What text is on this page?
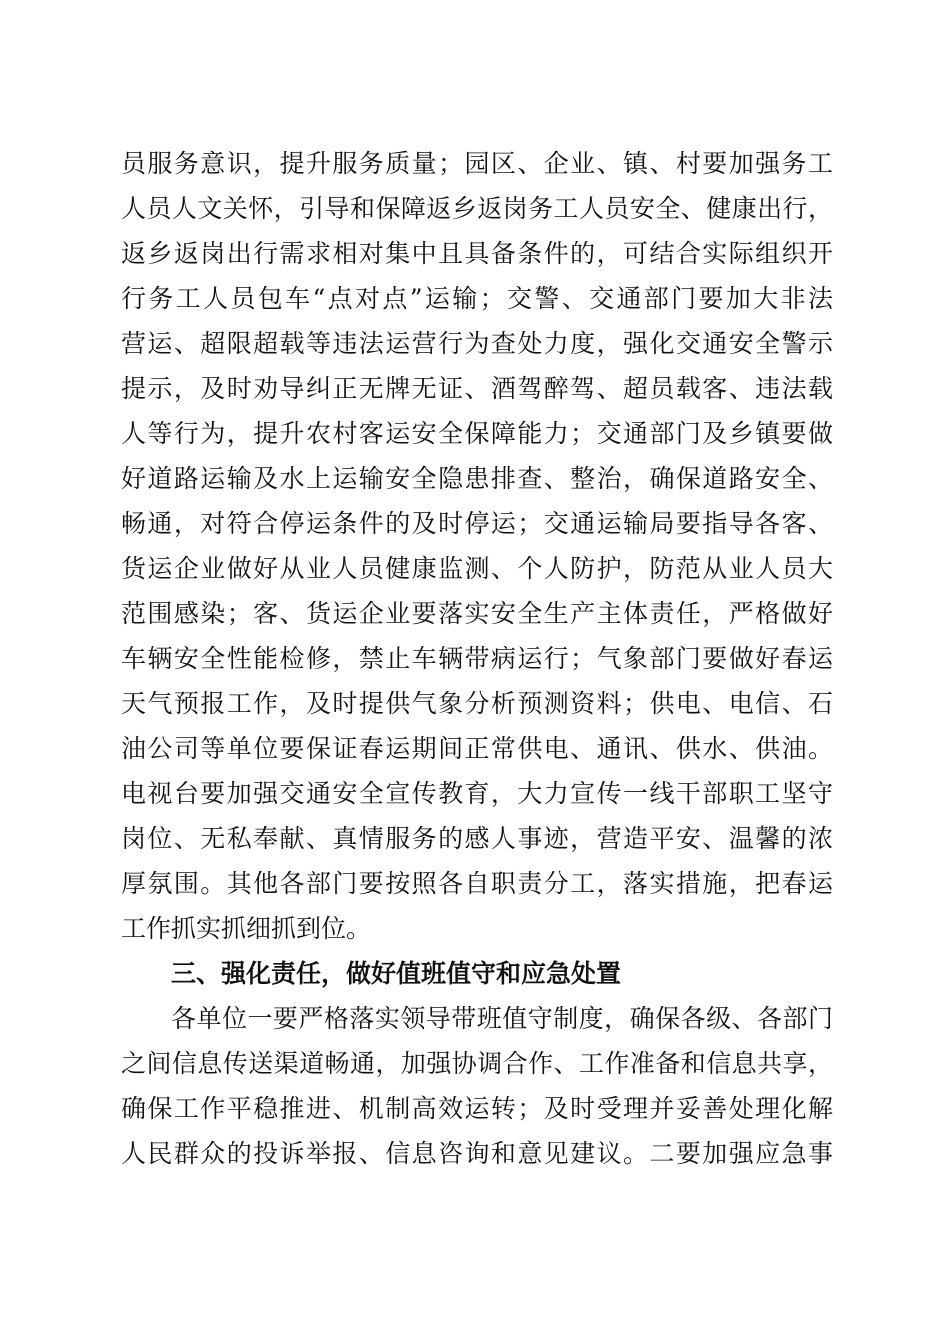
员服务意识，提升服务质量；园区、企业、镇、村要加强务工
人员人文关怀，引导和保障返乡返岗务工人员安全、健康出行，
返乡返岗出行需求相对集中且具备条件的，可结合实际组织开
行务工人员包车“点对点”运输；交警、交通部门要加大非法
营运、超限超载等违法运营行为查处力度，强化交通安全警示
提示，及时劝导纠正无牌无证、酒驾醉驾、超员载客、违法载
人等行为，提升农村客运安全保障能力；交通部门及乡镇要做
好道路运输及水上运输安全隐患排查、整治，确保道路安全、
畅通，对符合停运条件的及时停运；交通运输局要指导各客、
货运企业做好从业人员健康监测、个人防护，防范从业人员大
范围感染；客、货运企业要落实安全生产主体责任，严格做好
车辆安全性能检修，禁止车辆带病运行；气象部门要做好春运
天气预报工作，及时提供气象分析预测资料；供电、电信、石
油公司等单位要保证春运期间正常供电、通讯、供水、供油。
电视台要加强交通安全宣传教育，大力宣传一线干部职工坚守
岗位、无私奉献、真情服务的感人事迹，营造平安、温馨的浓
厚氛围。其他各部门要按照各自职责分工，落实措施，把春运
工作抓实抓细抓到位。
三、强化责任，做好值班值守和应急处置
各单位一要严格落实领导带班值守制度，确保各级、各部门
之间信息传送渠道畅通，加强协调合作、工作准备和信息共享，
确保工作平稳推进、机制高效运转；及时受理并妥善处理化解
人民群众的投诉举报、信息咨询和意见建议。二要加强应急事
